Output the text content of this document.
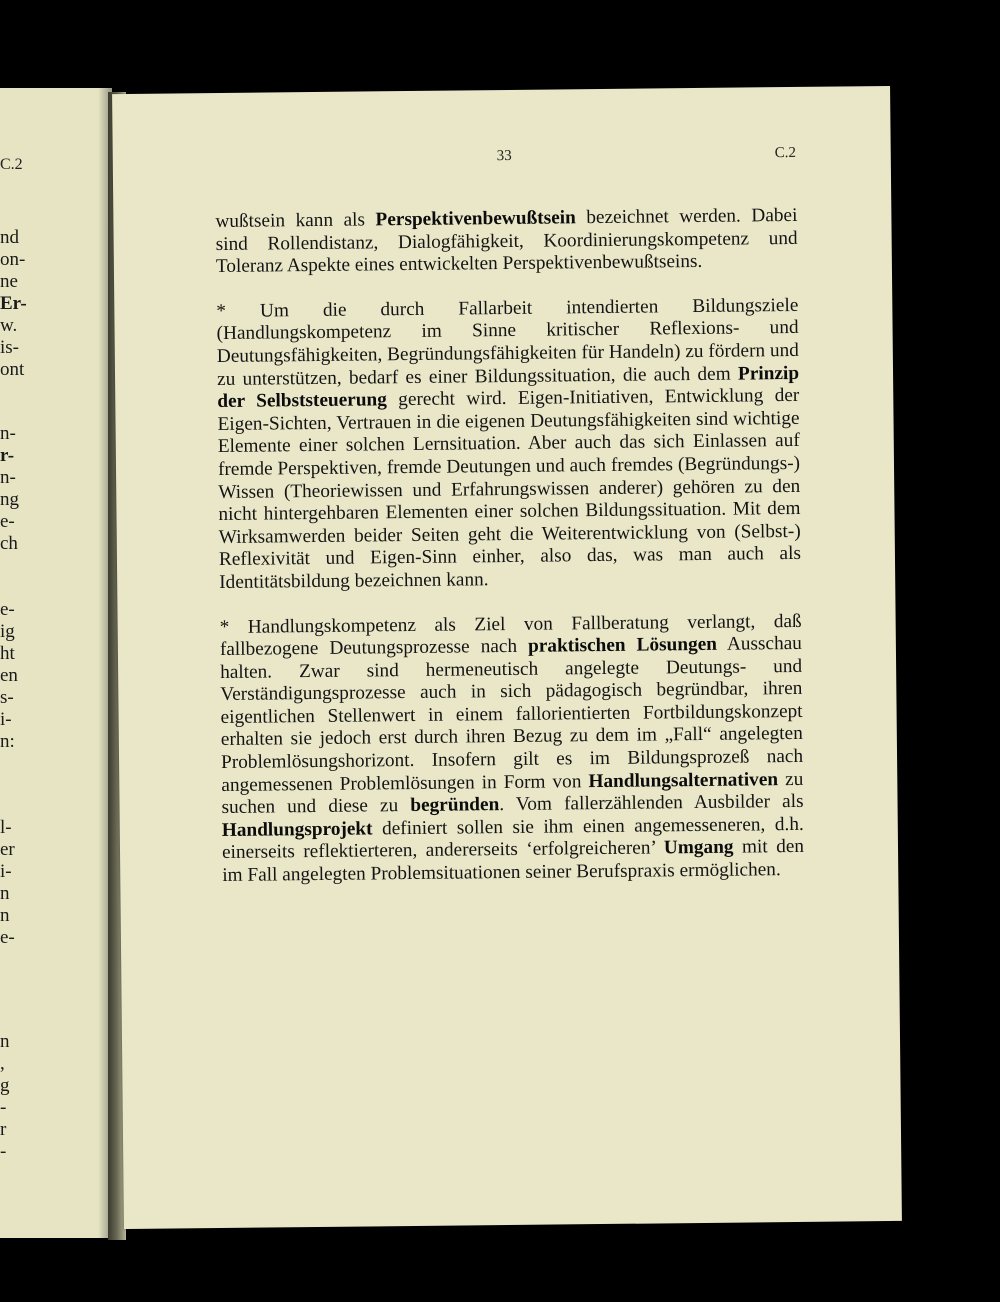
C.2
nd
on-
ne
Er-
w.
is-
ont
n-
r-
n-
ng
e-
ch
e-
ig
ht
en
s-
i-
n:
l-
er
i-
n
n
e-
n
,
g
-
r
-
33	C.2

wußtsein kann als Perspektivenbewußtsein bezeichnet werden. Dabei sind Rollendistanz, Dialogfähigkeit, Koordinierungskompetenz und Toleranz Aspekte eines entwickelten Perspektivenbewußtseins.

* Um die durch Fallarbeit intendierten Bildungsziele (Handlungskompetenz im Sinne kritischer Reflexions- und Deutungsfähigkeiten, Begründungsfähigkeiten für Handeln) zu fördern und zu unterstützen, bedarf es einer Bildungssituation, die auch dem Prinzip der Selbststeuerung gerecht wird. Eigen-Initiativen, Entwicklung der Eigen-Sichten, Vertrauen in die eigenen Deutungsfähigkeiten sind wichtige Elemente einer solchen Lernsituation. Aber auch das sich Einlassen auf fremde Perspektiven, fremde Deutungen und auch fremdes (Begründungs-) Wissen (Theoriewissen und Erfahrungswissen anderer) gehören zu den nicht hintergehbaren Elementen einer solchen Bildungssituation. Mit dem Wirksamwerden beider Seiten geht die Weiterentwicklung von (Selbst-) Reflexivität und Eigen-Sinn einher, also das, was man auch als Identitätsbildung bezeichnen kann.

* Handlungskompetenz als Ziel von Fallberatung verlangt, daß fallbezogene Deutungsprozesse nach praktischen Lösungen Ausschau halten. Zwar sind hermeneutisch angelegte Deutungs- und Verständigungsprozesse auch in sich pädagogisch begründbar, ihren eigentlichen Stellenwert in einem fallorientierten Fortbildungskonzept erhalten sie jedoch erst durch ihren Bezug zu dem im „Fall“ angelegten Problemlösungshorizont. Insofern gilt es im Bildungsprozeß nach angemessenen Problemlösungen in Form von Handlungsalternativen zu suchen und diese zu begründen. Vom fallerzählenden Ausbilder als Handlungsprojekt definiert sollen sie ihm einen angemesseneren, d.h. einerseits reflektierteren, andererseits ‘erfolgreicheren’ Umgang mit den im Fall angelegten Problemsituationen seiner Berufspraxis ermöglichen.
